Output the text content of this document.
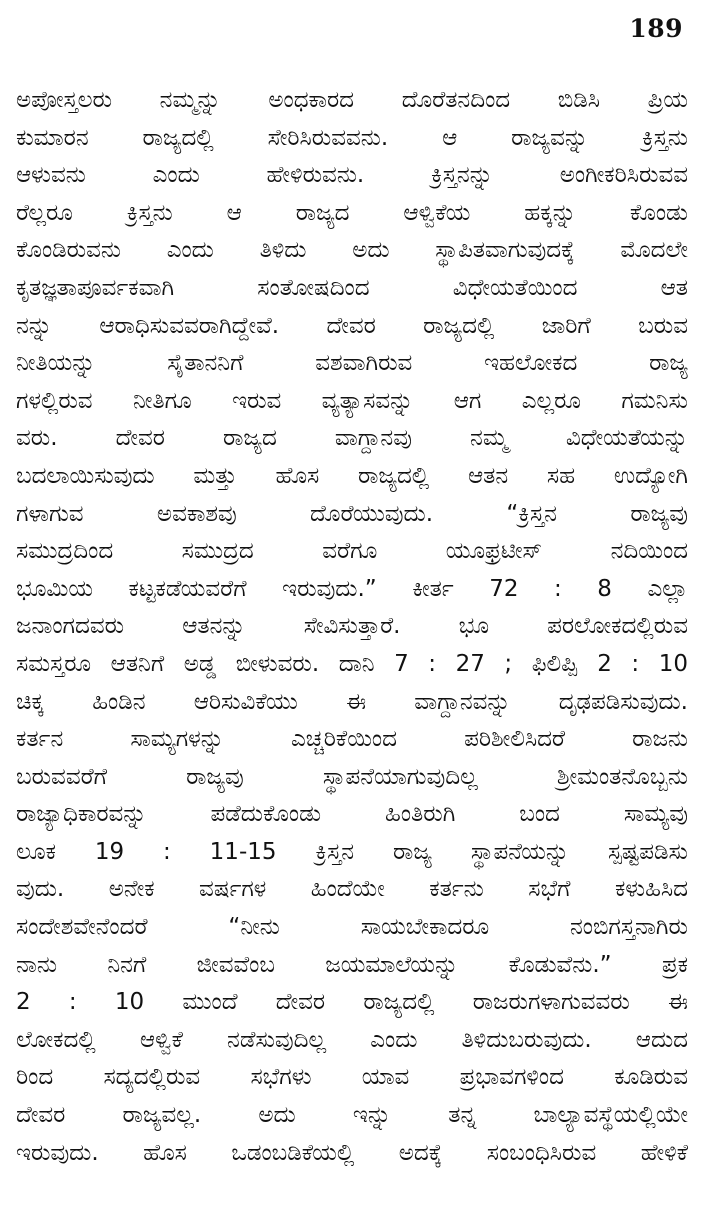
189
ಅಪೋಸ್ತಲರು ನಮ್ಮನ್ನು ಅಂಧಕಾರದ ದೊರೆತನದಿಂದ ಬಿಡಿಸಿ ಪ್ರಿಯ
ಕುಮಾರನ ರಾಜ್ಯದಲ್ಲಿ ಸೇರಿಸಿರುವವನು. ಆ ರಾಜ್ಯವನ್ನು ಕ್ರಿಸ್ತನು
ಆಳುವನು ಎಂದು ಹೇಳಿರುವನು. ಕ್ರಿಸ್ತನನ್ನು ಅಂಗೀಕರಿಸಿರುವವ
ರೆಲ್ಲರೂ ಕ್ರಿಸ್ತನು ಆ ರಾಜ್ಯದ ಆಳ್ವಿಕೆಯ ಹಕ್ಕನ್ನು ಕೊಂಡು
ಕೊಂಡಿರುವನು ಎಂದು ತಿಳಿದು ಅದು ಸ್ಥಾಪಿತವಾಗುವುದಕ್ಕೆ ಮೊದಲೇ
ಕೃತಜ್ಞತಾಪೂರ್ವಕವಾಗಿ ಸಂತೋಷದಿಂದ ವಿಧೇಯತೆಯಿಂದ ಆತ
ನನ್ನು ಆರಾಧಿಸುವವರಾಗಿದ್ದೇವೆ. ದೇವರ ರಾಜ್ಯದಲ್ಲಿ ಜಾರಿಗೆ ಬರುವ
ನೀತಿಯನ್ನು ಸೈತಾನನಿಗೆ ವಶವಾಗಿರುವ ಇಹಲೋಕದ ರಾಜ್ಯ
ಗಳಲ್ಲಿರುವ ನೀತಿಗೂ ಇರುವ ವ್ಯತ್ಯಾಸವನ್ನು ಆಗ ಎಲ್ಲರೂ ಗಮನಿಸು
ವರು. ದೇವರ ರಾಜ್ಯದ ವಾಗ್ದಾನವು ನಮ್ಮ ವಿಧೇಯತೆಯನ್ನು
ಬದಲಾಯಿಸುವುದು ಮತ್ತು ಹೊಸ ರಾಜ್ಯದಲ್ಲಿ ಆತನ ಸಹ ಉದ್ಯೋಗಿ
ಗಳಾಗುವ ಅವಕಾಶವು ದೊರೆಯುವುದು. “ಕ್ರಿಸ್ತನ ರಾಜ್ಯವು
ಸಮುದ್ರದಿಂದ ಸಮುದ್ರದ ವರೆಗೂ ಯೂಫ್ರಟೀಸ್ ನದಿಯಿಂದ
ಭೂಮಿಯ ಕಟ್ಟಕಡೆಯವರೆಗೆ ಇರುವುದು.” ಕೀರ್ತ 72 : 8 ಎಲ್ಲಾ
ಜನಾಂಗದವರು ಆತನನ್ನು ಸೇವಿಸುತ್ತಾರೆ. ಭೂ ಪರಲೋಕದಲ್ಲಿರುವ
ಸಮಸ್ತರೂ ಆತನಿಗೆ ಅಡ್ಡ ಬೀಳುವರು. ದಾನಿ 7 : 27 ; ಫಿಲಿಪ್ಪಿ 2 : 10
ಚಿಕ್ಕ ಹಿಂಡಿನ ಆರಿಸುವಿಕೆಯು ಈ ವಾಗ್ದಾನವನ್ನು ದೃಢಪಡಿಸುವುದು.
ಕರ್ತನ ಸಾಮ್ಯಗಳನ್ನು ಎಚ್ಚರಿಕೆಯಿಂದ ಪರಿಶೀಲಿಸಿದರೆ ರಾಜನು
ಬರುವವರೆಗೆ ರಾಜ್ಯವು ಸ್ಥಾಪನೆಯಾಗುವುದಿಲ್ಲ ಶ್ರೀಮಂತನೊಬ್ಬನು
ರಾಜ್ಯಾಧಿಕಾರವನ್ನು ಪಡೆದುಕೊಂಡು ಹಿಂತಿರುಗಿ ಬಂದ ಸಾಮ್ಯವು
ಲೂಕ 19 : 11-15 ಕ್ರಿಸ್ತನ ರಾಜ್ಯ ಸ್ಥಾಪನೆಯನ್ನು ಸ್ಪಷ್ಟಪಡಿಸು
ವುದು. ಅನೇಕ ವರ್ಷಗಳ ಹಿಂದೆಯೇ ಕರ್ತನು ಸಭೆಗೆ ಕಳುಹಿಸಿದ
ಸಂದೇಶವೇನೆಂದರೆ “ನೀನು ಸಾಯಬೇಕಾದರೂ ನಂಬಿಗಸ್ತನಾಗಿರು
ನಾನು ನಿನಗೆ ಜೀವವೆಂಬ ಜಯಮಾಲೆಯನ್ನು ಕೊಡುವೆನು.” ಪ್ರಕ
2 : 10 ಮುಂದೆ ದೇವರ ರಾಜ್ಯದಲ್ಲಿ ರಾಜರುಗಳಾಗುವವರು ಈ
ಲೋಕದಲ್ಲಿ ಆಳ್ವಿಕೆ ನಡೆಸುವುದಿಲ್ಲ ಎಂದು ತಿಳಿದುಬರುವುದು. ಆದುದ
ರಿಂದ ಸದ್ಯದಲ್ಲಿರುವ ಸಭೆಗಳು ಯಾವ ಪ್ರಭಾವಗಳಿಂದ ಕೂಡಿರುವ
ದೇವರ ರಾಜ್ಯವಲ್ಲ. ಅದು ಇನ್ನು ತನ್ನ ಬಾಲ್ಯಾವಸ್ಥೆಯಲ್ಲಿಯೇ
ಇರುವುದು. ಹೊಸ ಒಡಂಬಡಿಕೆಯಲ್ಲಿ ಅದಕ್ಕೆ ಸಂಬಂಧಿಸಿರುವ ಹೇಳಿಕೆ
